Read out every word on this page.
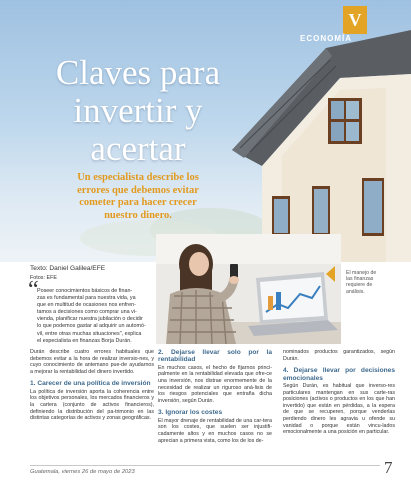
V
ECONOMÍA
Claves para
invertir y
acertar
Un especialista describe los
errores que debemos evitar
cometer para hacer crecer
nuestro dinero.
El manejo de
las finanzas
requiere de
análisis.
Texto: Daniel Galilea/EFE
Fotos: EFE
“
Poseer conocimientos básicos de finan-
zas es fundamental para nuestra vida, ya
que en multitud de ocasiones nos enfren-
tamos a decisiones como comprar una vi-
vienda, planificar nuestra jubilación o decidir
lo que podemos gastar al adquirir un automó-
vil, entre otras muchas situaciones", explica
el especialista en finanzas Borja Durán.

Durán describe cuatro errores habituales que debemos evitar a la hora de realizar inversio-nes, y cuyo conocimiento de antemano pue-de ayudarnos a mejorar la rentabilidad del dinero invertido.

1. Carecer de una política de inversión

La política de inversión aporta la coherencia entre los objetivos personales, los mercados financieros y la cartera (conjunto de activos financieros), definiendo la distribución del pa-trimonio en las distintas categorías de activos y zonas geográficas.

2. Dejarse llevar solo por la rentabilidad

En muchos casos, el hecho de fijarnos princi-palmente en la rentabilidad elevada que ofre-ce una inversión, nos distrae enormemente de la necesidad de realizar un riguroso aná-lisis de los riesgos potenciales que entraña dicha inversión, según Durán.

3. Ignorar los costes

El mayor drenaje de rentabilidad de una car-tera son los costes, que suelen ser injustifi-cadamente altos y en muchos casos no se aprecian a primera vista, como los de los de-

nominados productos garantizados, según Durán.

4. Dejarse llevar por decisiones emocionales

Según Durán, es habitual que inverso-res particulares mantengan en sus carte-ras posiciones (activos o productos en los que han invertido) que están en pérdidas, a la espera de que se recuperen, porque venderlas perdiendo dinero les agravia u ofende su vanidad o porque están vincu-lados emocionalmente a una posición en particular.

Guatemala, viernes 26 de mayo de 2023	7
